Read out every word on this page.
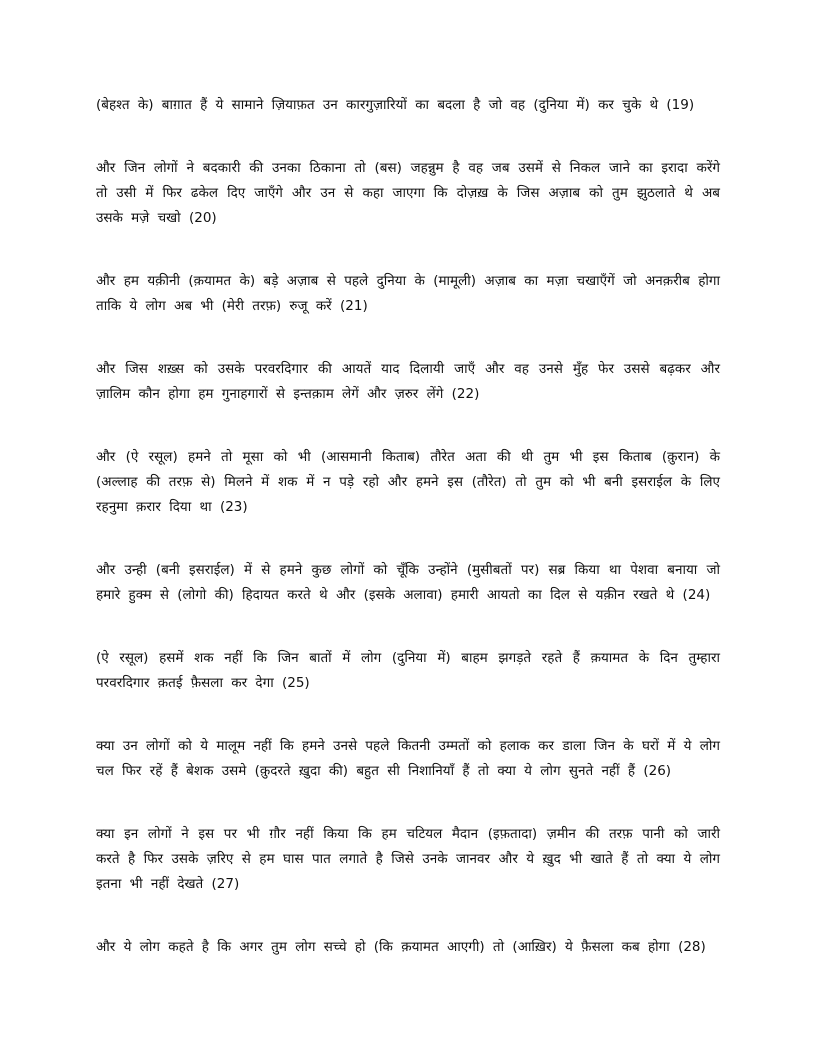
(बेहश्त के) बाग़ात हैं ये सामाने ज़ियाफ़त उन कारगुज़ारियों का बदला है जो वह (दुनिया में) कर चुके थे (19)

और जिन लोगों ने बदकारी की उनका ठिकाना तो (बस) जहन्नुम है वह जब उसमें से निकल जाने का इरादा करेंगे तो उसी में फिर ढकेल दिए जाएँगे और उन से कहा जाएगा कि दोज़ख़ के जिस अज़ाब को तुम झुठलाते थे अब उसके मज़े चखो (20)

और हम यक़ीनी (क़यामत के) बड़े अज़ाब से पहले दुनिया के (मामूली) अज़ाब का मज़ा चखाएँगें जो अनक़रीब होगा ताकि ये लोग अब भी (मेरी तरफ़) रुजू करें (21)

और जिस शख़्स को उसके परवरदिगार की आयतें याद दिलायी जाएँ और वह उनसे मुँह फेर उससे बढ़कर और ज़ालिम कौन होगा हम गुनाहगारों से इन्तक़ाम लेगें और ज़रुर लेंगे (22)

और (ऐ रसूल) हमने तो मूसा को भी (आसमानी किताब) तौरेत अता की थी तुम भी इस किताब (क़ुरान) के (अल्लाह की तरफ़ से) मिलने में शक में न पड़े रहो और हमने इस (तौरेत) तो तुम को भी बनी इसराईल के लिए रहनुमा क़रार दिया था (23)

और उन्ही (बनी इसराईल) में से हमने कुछ लोगों को चूँकि उन्होंने (मुसीबतों पर) सब्र किया था पेशवा बनाया जो हमारे हुक्म से (लोगो की) हिदायत करते थे और (इसके अलावा) हमारी आयतो का दिल से यक़ीन रखते थे (24)

(ऐ रसूल) हसमें शक नहीं कि जिन बातों में लोग (दुनिया में) बाहम झगड़ते रहते हैं क़यामत के दिन तुम्हारा परवरदिगार क़तई फ़ैसला कर देगा (25)

क्या उन लोगों को ये मालूम नहीं कि हमने उनसे पहले कितनी उम्मतों को हलाक कर डाला जिन के घरों में ये लोग चल फिर रहें हैं बेशक उसमे (क़ुदरते ख़ुदा की) बहुत सी निशानियाँ हैं तो क्या ये लोग सुनते नहीं हैं (26)

क्या इन लोगों ने इस पर भी ग़ौर नहीं किया कि हम चटियल मैदान (इफ़तादा) ज़मीन की तरफ़ पानी को जारी करते है फिर उसके ज़रिए से हम घास पात लगाते है जिसे उनके जानवर और ये ख़ुद भी खाते हैं तो क्या ये लोग इतना भी नहीं देखते (27)

और ये लोग कहते है कि अगर तुम लोग सच्चे हो (कि क़यामत आएगी) तो (आख़िर) ये फ़ैसला कब होगा (28)
